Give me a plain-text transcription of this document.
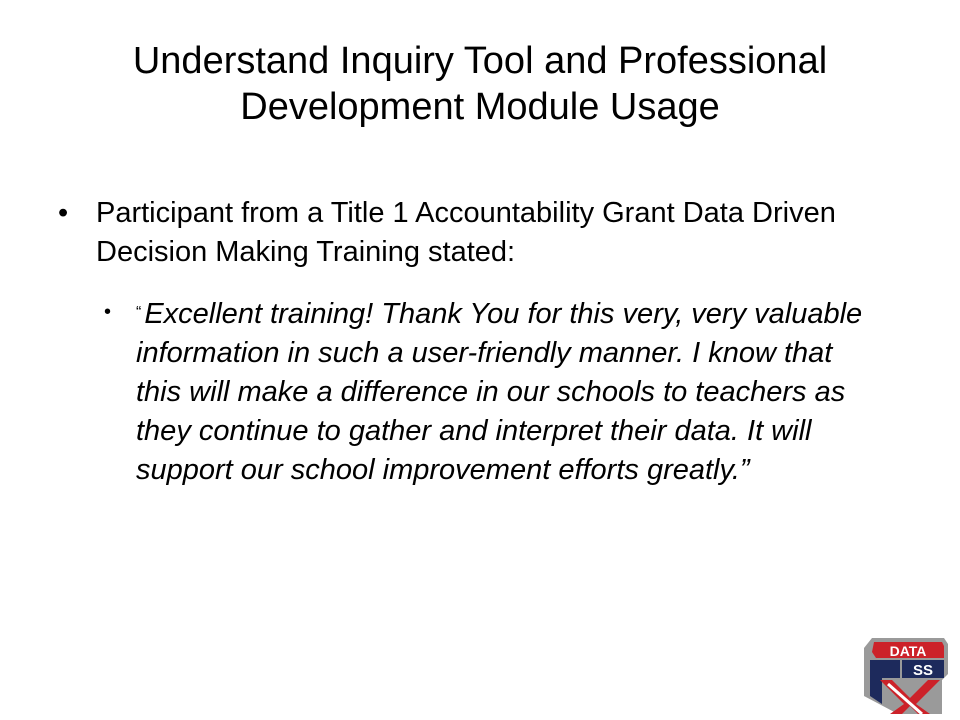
Understand Inquiry Tool and Professional Development Module Usage
• Participant from a Title 1 Accountability Grant Data Driven Decision Making Training stated:
• “ Excellent training! Thank You for this very, very valuable information in such a user-friendly manner. I know that this will make a difference in our schools to teachers as they continue to gather and interpret their data. It will support our school improvement efforts greatly.”
DATA
SS
